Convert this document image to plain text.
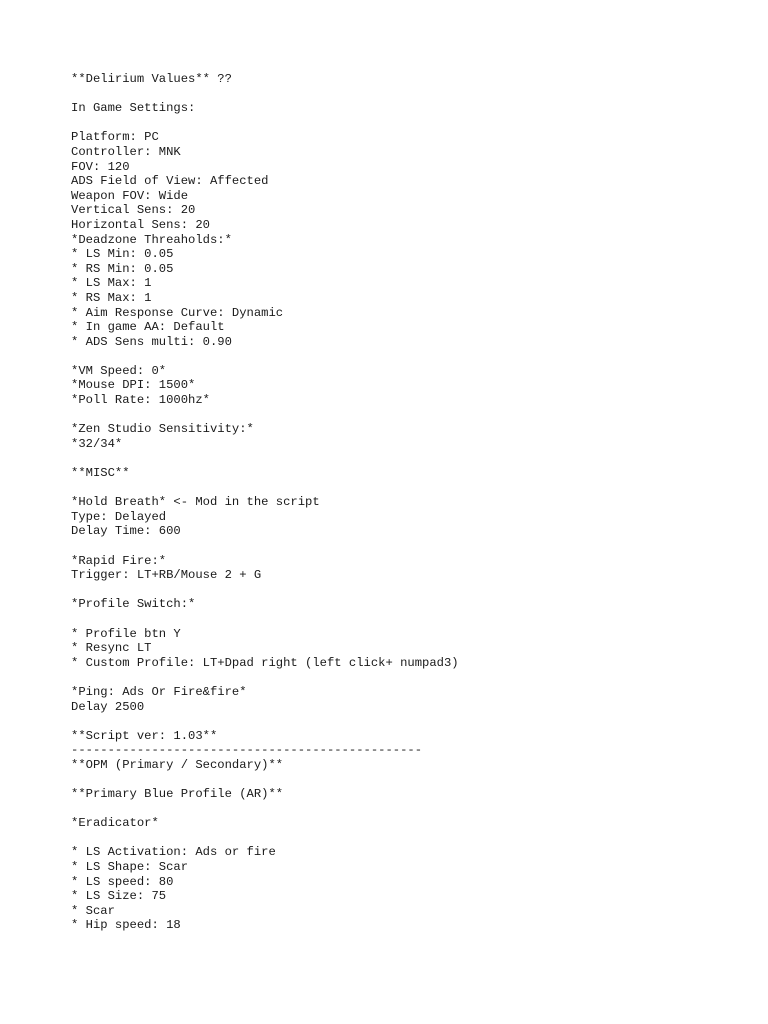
**Delirium Values** ??
In Game Settings:
Platform: PC
Controller: MNK
FOV: 120
ADS Field of View: Affected
Weapon FOV: Wide
Vertical Sens: 20
Horizontal Sens: 20
*Deadzone Threaholds:*
* LS Min: 0.05
* RS Min: 0.05
* LS Max: 1
* RS Max: 1
* Aim Response Curve: Dynamic
* In game AA: Default
* ADS Sens multi: 0.90
*VM Speed: 0*
*Mouse DPI: 1500*
*Poll Rate: 1000hz*
*Zen Studio Sensitivity:*
*32/34*
**MISC**
*Hold Breath* <- Mod in the script
Type: Delayed
Delay Time: 600
*Rapid Fire:*
Trigger: LT+RB/Mouse 2 + G
*Profile Switch:*
* Profile btn Y
* Resync LT
* Custom Profile: LT+Dpad right (left click+ numpad3)
*Ping: Ads Or Fire&fire*
Delay 2500
**Script ver: 1.03**
------------------------------------------------
**OPM (Primary / Secondary)**
**Primary Blue Profile (AR)**
*Eradicator*
* LS Activation: Ads or fire
* LS Shape: Scar
* LS speed: 80
* LS Size: 75
* Scar
* Hip speed: 18
